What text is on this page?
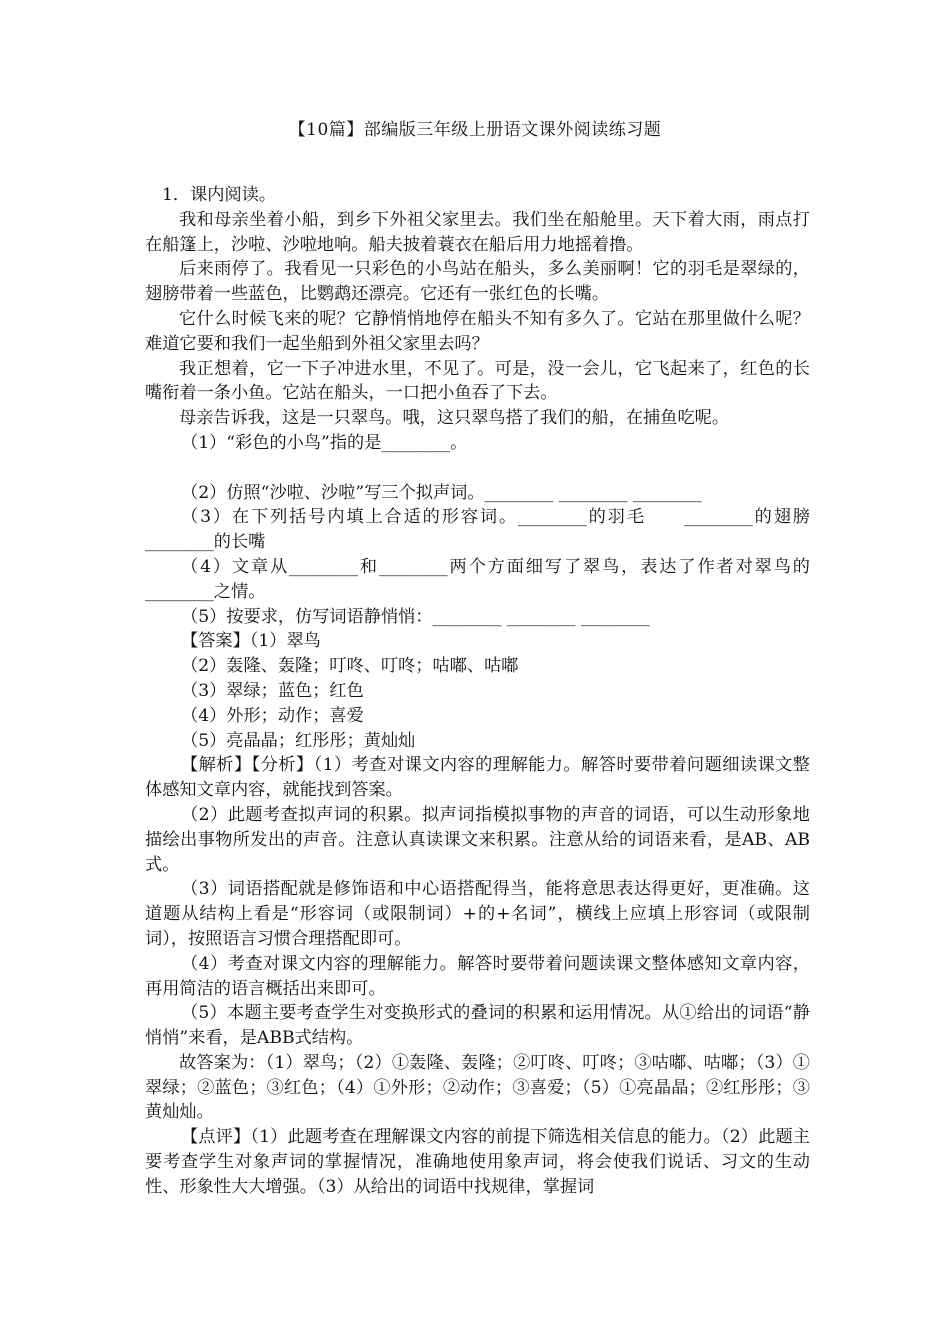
【10篇】部编版三年级上册语文课外阅读练习题

1．课内阅读。

我和母亲坐着小船，到乡下外祖父家里去。我们坐在船舱里。天下着大雨，雨点打在船篷上，沙啦、沙啦地响。船夫披着蓑衣在船后用力地摇着撸。

后来雨停了。我看见一只彩色的小鸟站在船头，多么美丽啊！它的羽毛是翠绿的，翅膀带着一些蓝色，比鹦鹉还漂亮。它还有一张红色的长嘴。

它什么时候飞来的呢？它静悄悄地停在船头不知有多久了。它站在那里做什么呢？难道它要和我们一起坐船到外祖父家里去吗？

我正想着，它一下子冲进水里，不见了。可是，没一会儿，它飞起来了，红色的长嘴衔着一条小鱼。它站在船头，一口把小鱼吞了下去。

母亲告诉我，这是一只翠鸟。哦，这只翠鸟搭了我们的船，在捕鱼吃呢。

（1）“彩色的小鸟”指的是________。

（2）仿照“沙啦、沙啦”写三个拟声词。________ ________ ________

（3）在下列括号内填上合适的形容词。________的羽毛　　________的翅膀　　________的长嘴

（4）文章从________和________两个方面细写了翠鸟，表达了作者对翠鸟的________之情。

（5）按要求，仿写词语静悄悄：________ ________ ________

【答案】（1）翠鸟

（2）轰隆、轰隆；叮咚、叮咚；咕嘟、咕嘟

（3）翠绿；蓝色；红色

（4）外形；动作；喜爱

（5）亮晶晶；红彤彤；黄灿灿

【解析】【分析】（1）考查对课文内容的理解能力。解答时要带着问题细读课文整体感知文章内容，就能找到答案。

（2）此题考查拟声词的积累。拟声词指模拟事物的声音的词语，可以生动形象地描绘出事物所发出的声音。注意认真读课文来积累。注意从给的词语来看，是AB、AB式。

（3）词语搭配就是修饰语和中心语搭配得当，能将意思表达得更好，更准确。这道题从结构上看是“形容词（或限制词）+的+名词”，横线上应填上形容词（或限制词），按照语言习惯合理搭配即可。

（4）考查对课文内容的理解能力。解答时要带着问题读课文整体感知文章内容，再用简洁的语言概括出来即可。

（5）本题主要考查学生对变换形式的叠词的积累和运用情况。从①给出的词语“静悄悄”来看，是ABB式结构。

故答案为：（1）翠鸟；（2）①轰隆、轰隆；②叮咚、叮咚；③咕嘟、咕嘟；（3）①翠绿；②蓝色；③红色；（4）①外形；②动作；③喜爱；（5）①亮晶晶；②红彤彤；③黄灿灿。

【点评】（1）此题考查在理解课文内容的前提下筛选相关信息的能力。（2）此题主要考查学生对象声词的掌握情况，准确地使用象声词，将会使我们说话、习文的生动性、形象性大大增强。（3）从给出的词语中找规律，掌握词
